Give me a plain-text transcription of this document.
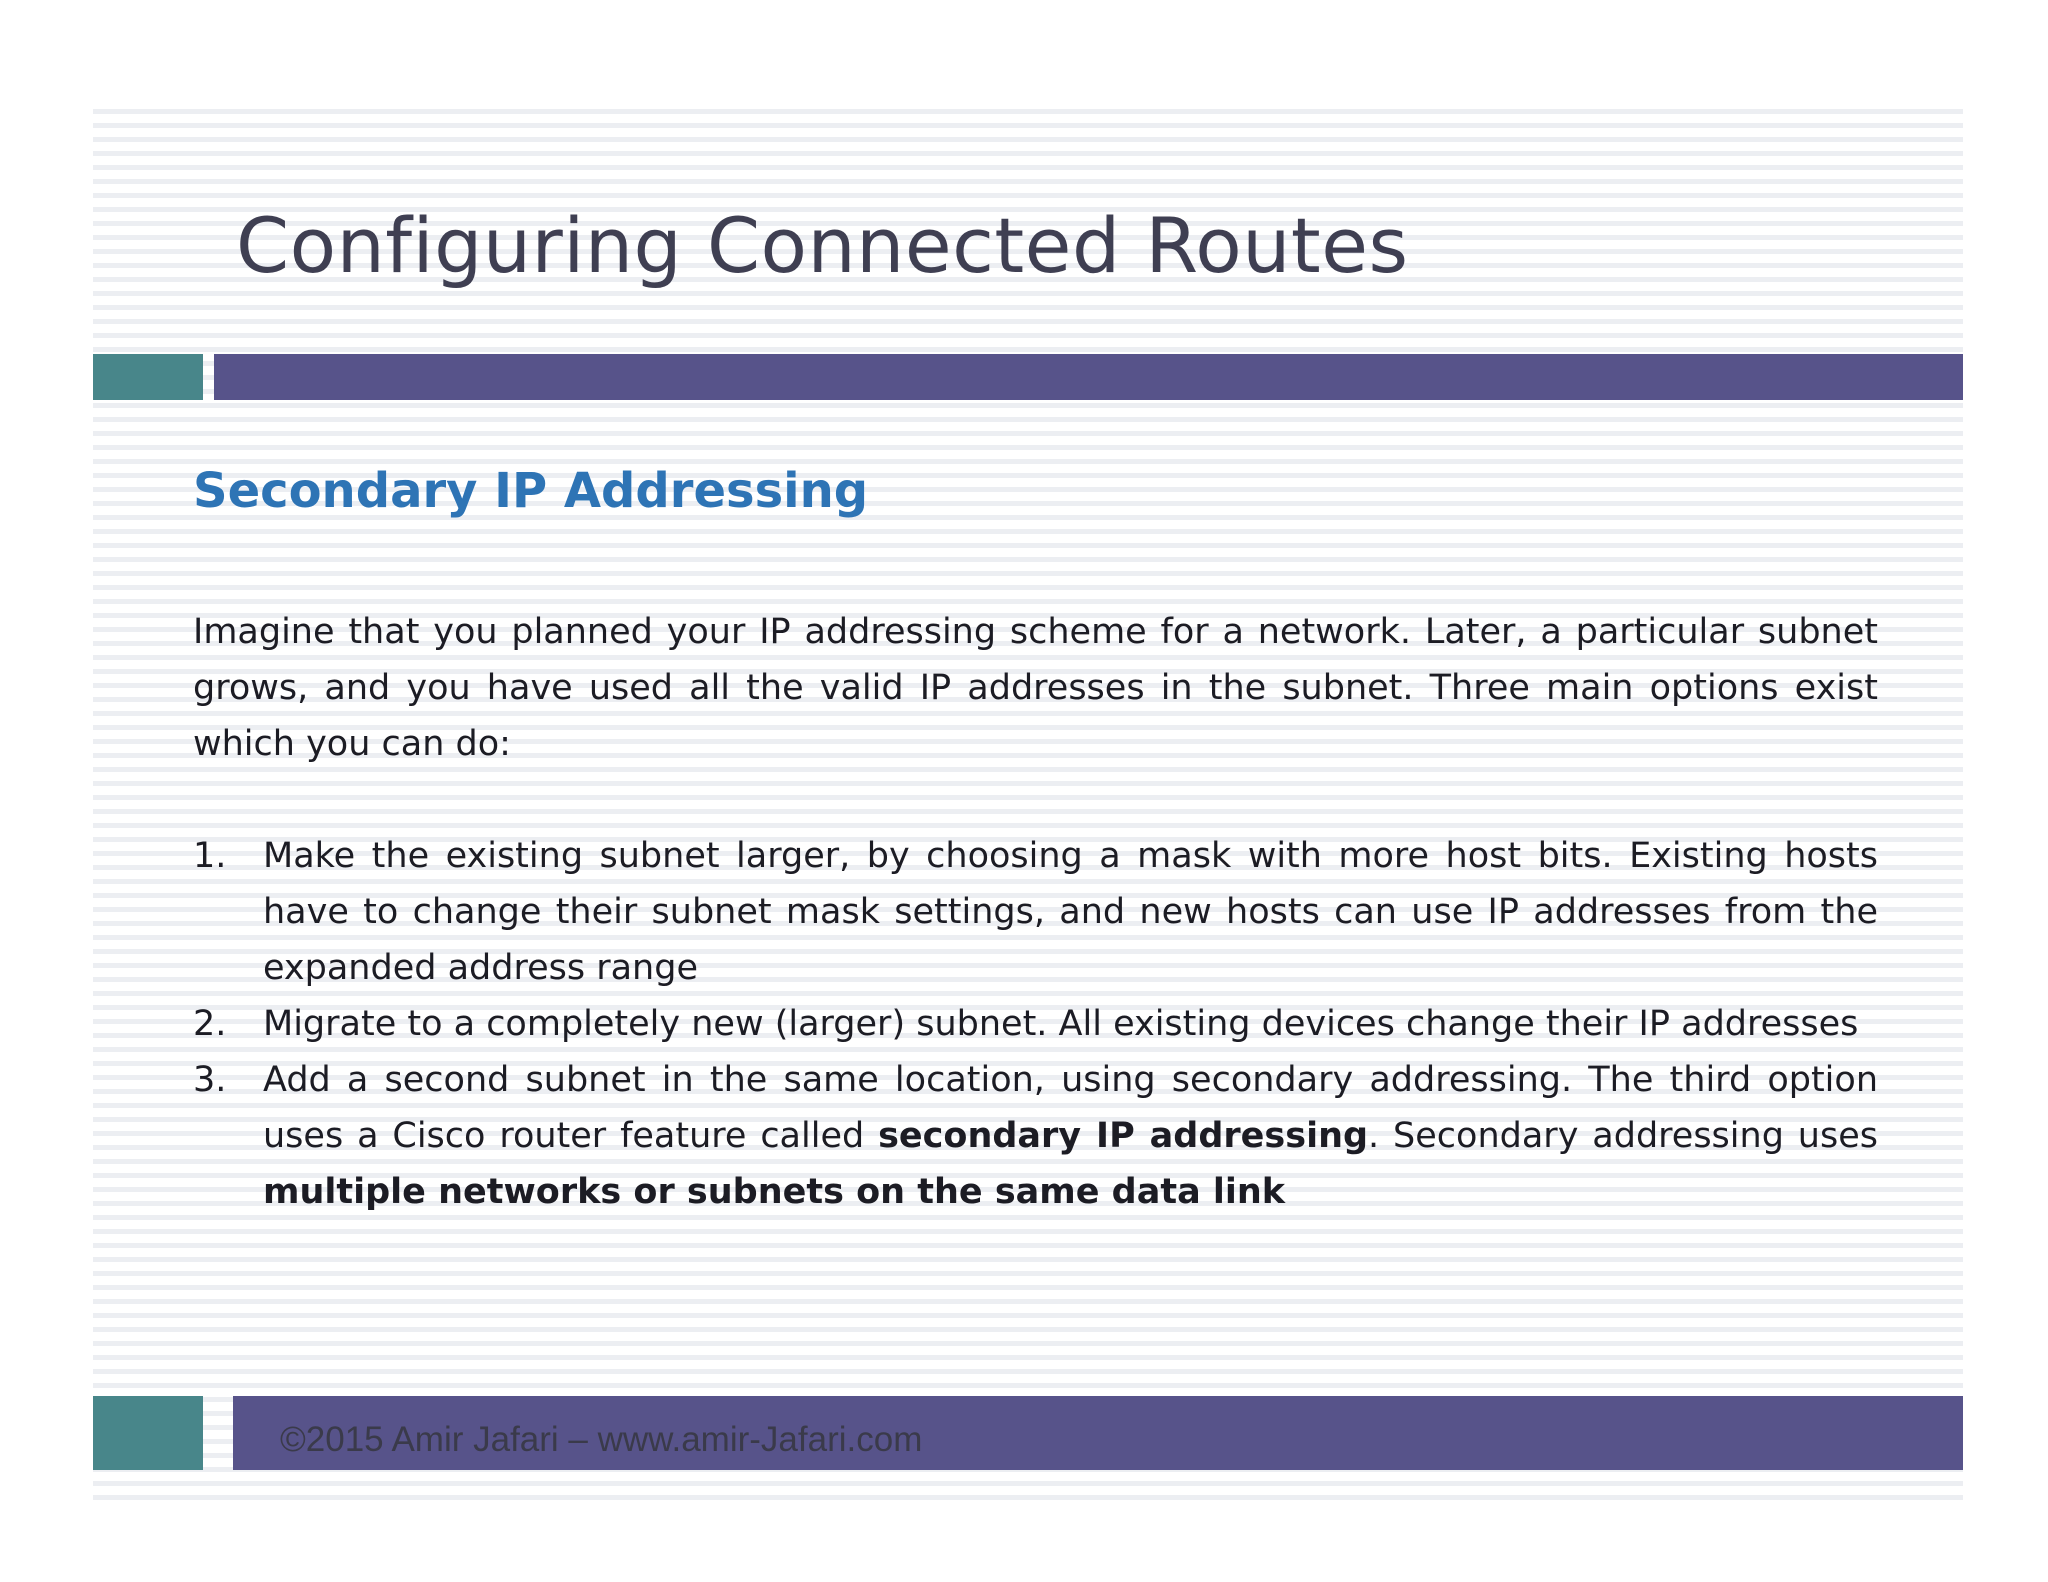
Configuring Connected Routes
Secondary IP Addressing

Imagine that you planned your IP addressing scheme for a network. Later, a particular subnet grows, and you have used all the valid IP addresses in the subnet. Three main options exist which you can do:

1. Make the existing subnet larger, by choosing a mask with more host bits. Existing hosts have to change their subnet mask settings, and new hosts can use IP addresses from the expanded address range
2. Migrate to a completely new (larger) subnet. All existing devices change their IP addresses
3. Add a second subnet in the same location, using secondary addressing. The third option uses a Cisco router feature called secondary IP addressing. Secondary addressing uses multiple networks or subnets on the same data link
©2015 Amir Jafari – www.amir-Jafari.com
